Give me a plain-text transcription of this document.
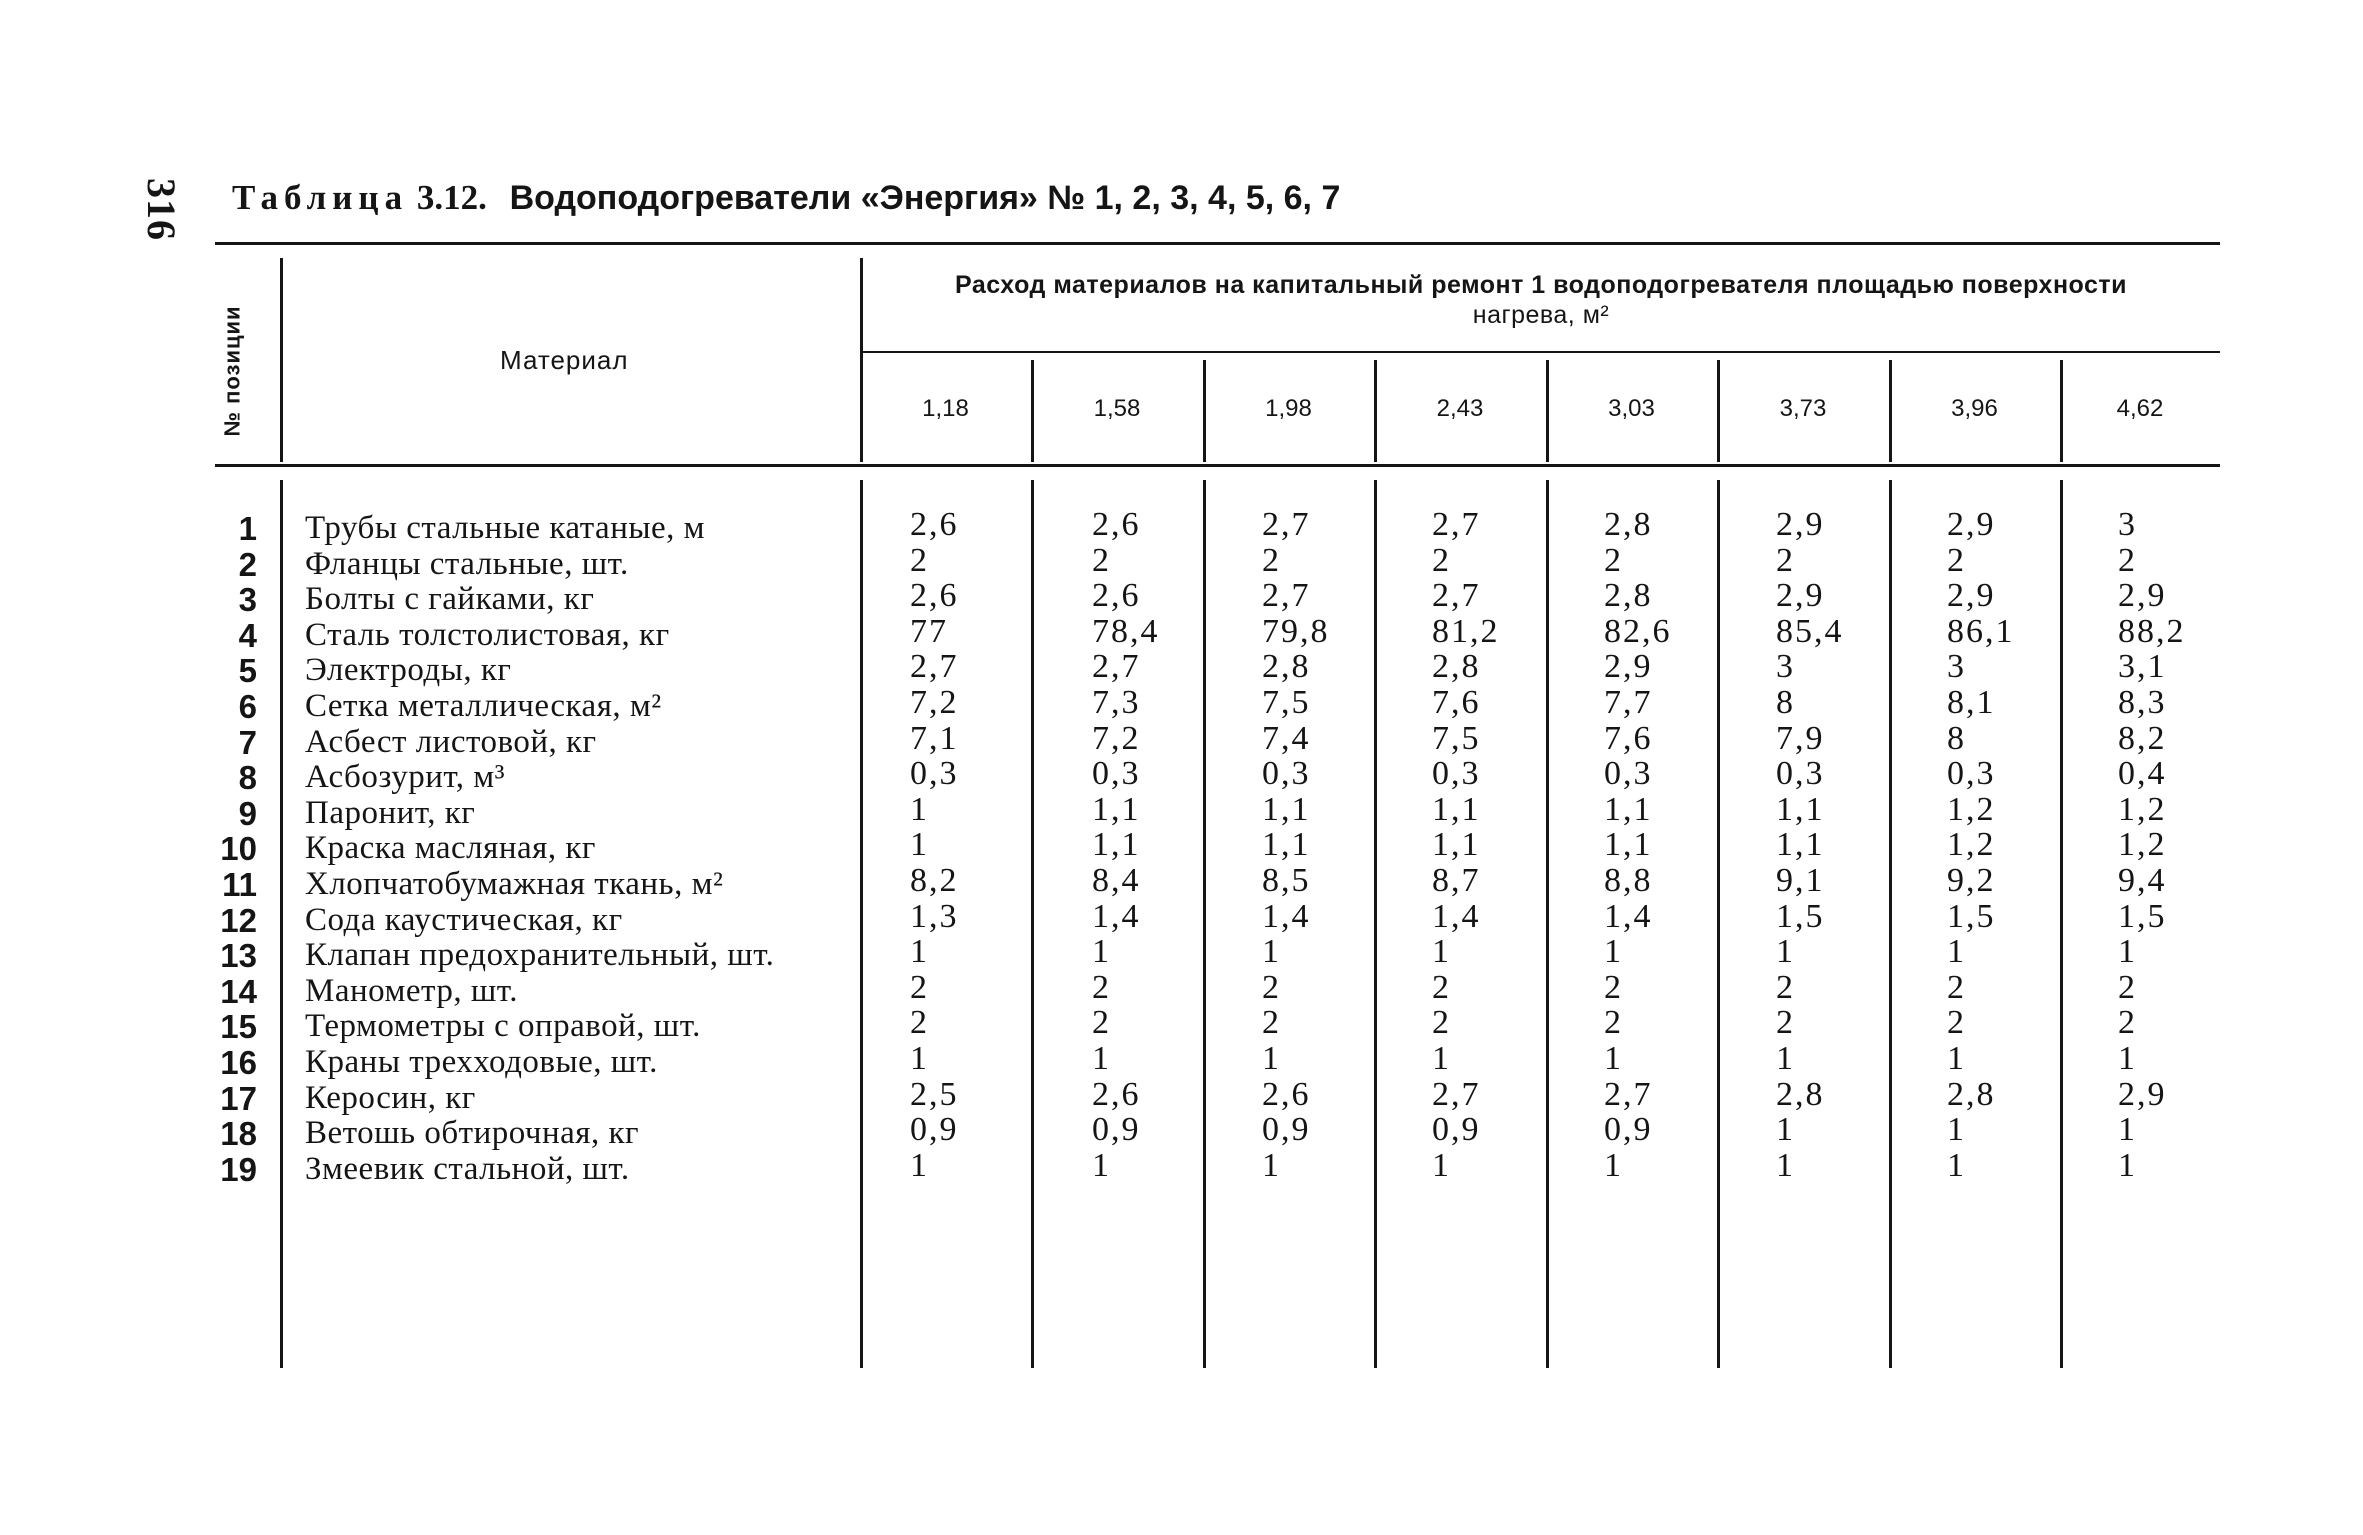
316 Таблица 3.12. Водоподогреватели «Энергия» № 1, 2, 3, 4, 5, 6, 7
№ позиции	Материал
Расход материалов на капитальный ремонт 1 водоподогревателя площадью поверхности
нагрева, м²
1,18	1,58	1,98	2,43	3,03	3,73	3,96	4,62
1 Трубы стальные катаные, м	2,6	2,6	2,7	2,7	2,8	2,9	2,9	3
2 Фланцы стальные, шт.	2	2	2	2	2	2	2	2
3 Болты с гайками, кг	2,6	2,6	2,7	2,7	2,8	2,9	2,9	2,9
4 Сталь толстолистовая, кг	77	78,4	79,8	81,2	82,6	85,4	86,1	88,2
5 Электроды, кг	2,7	2,7	2,8	2,8	2,9	3	3	3,1
6 Сетка металлическая, м²	7,2	7,3	7,5	7,6	7,7	8	8,1	8,3
7 Асбест листовой, кг	7,1	7,2	7,4	7,5	7,6	7,9	8	8,2
8 Асбозурит, м³	0,3	0,3	0,3	0,3	0,3	0,3	0,3	0,4
9 Паронит, кг	1	1,1	1,1	1,1	1,1	1,1	1,2	1,2
10 Краска масляная, кг	1	1,1	1,1	1,1	1,1	1,1	1,2	1,2
11 Хлопчатобумажная ткань, м²	8,2	8,4	8,5	8,7	8,8	9,1	9,2	9,4
12 Сода каустическая, кг	1,3	1,4	1,4	1,4	1,4	1,5	1,5	1,5
13 Клапан предохранительный, шт.	1	1	1	1	1	1	1	1
14 Манометр, шт.	2	2	2	2	2	2	2	2
15 Термометры с оправой, шт.	2	2	2	2	2	2	2	2
16 Краны трехходовые, шт.	1	1	1	1	1	1	1	1
17 Керосин, кг	2,5	2,6	2,6	2,7	2,7	2,8	2,8	2,9
18 Ветошь обтирочная, кг	0,9	0,9	0,9	0,9	0,9	1	1	1
19 Змеевик стальной, шт.	1	1	1	1	1	1	1	1
